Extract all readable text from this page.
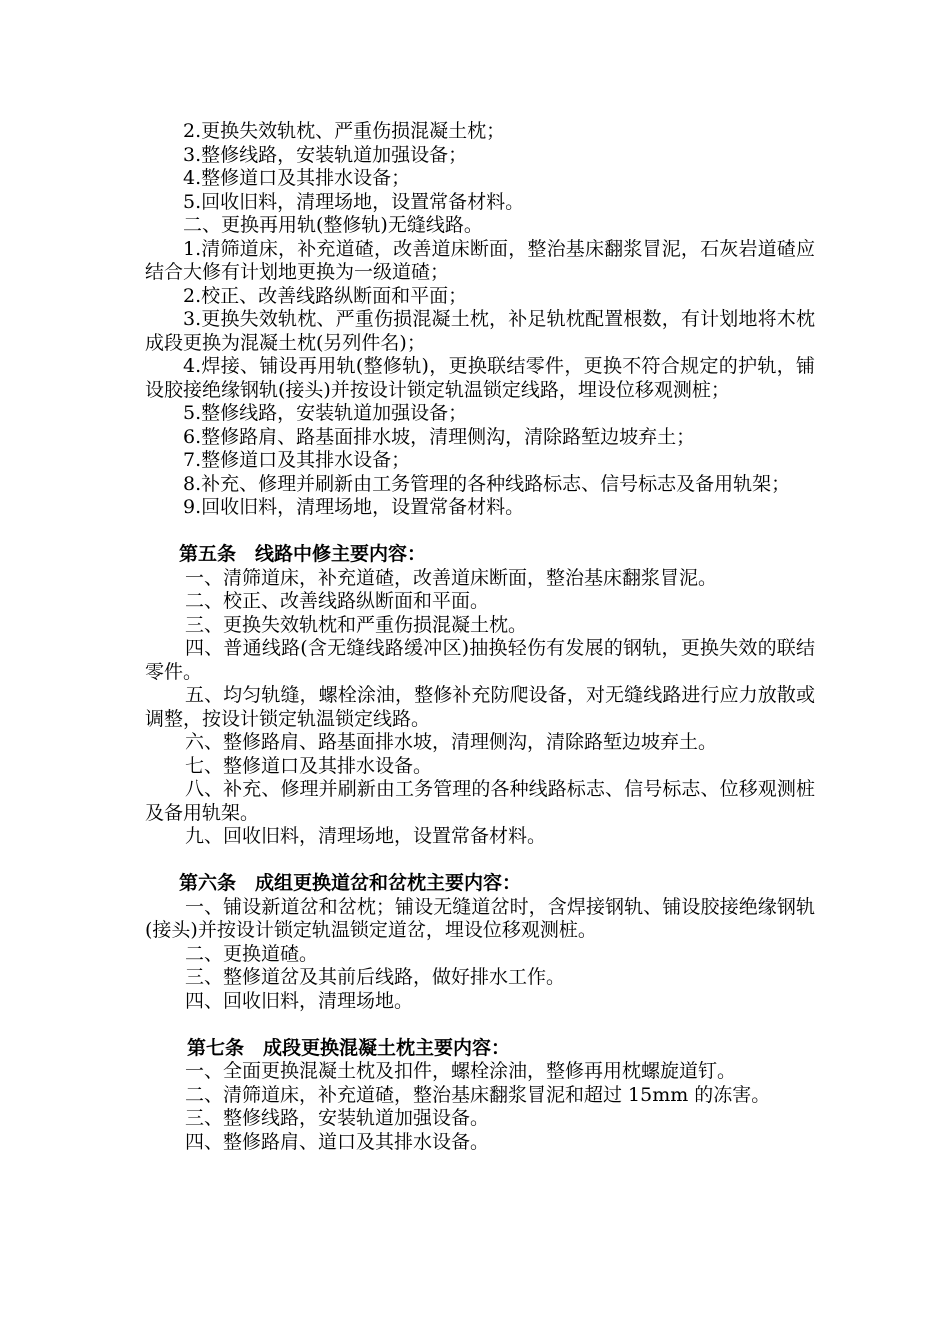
2.更换失效轨枕、严重伤损混凝土枕；

3.整修线路，安装轨道加强设备；

4.整修道口及其排水设备；

5.回收旧料，清理场地，设置常备材料。

二、更换再用轨(整修轨)无缝线路。

1.清筛道床，补充道碴，改善道床断面，整治基床翻浆冒泥，石灰岩道碴应结合大修有计划地更换为一级道碴；

2.校正、改善线路纵断面和平面；

3.更换失效轨枕、严重伤损混凝土枕，补足轨枕配置根数，有计划地将木枕成段更换为混凝土枕(另列件名)；

4.焊接、铺设再用轨(整修轨)，更换联结零件，更换不符合规定的护轨，铺设胶接绝缘钢轨(接头)并按设计锁定轨温锁定线路，埋设位移观测桩；

5.整修线路，安装轨道加强设备；

6.整修路肩、路基面排水坡，清理侧沟，清除路堑边坡弃土；

7.整修道口及其排水设备；

8.补充、修理并刷新由工务管理的各种线路标志、信号标志及备用轨架；

9.回收旧料，清理场地，设置常备材料。

第五条　线路中修主要内容：

一、清筛道床，补充道碴，改善道床断面，整治基床翻浆冒泥。

二、校正、改善线路纵断面和平面。

三、更换失效轨枕和严重伤损混凝土枕。

四、普通线路(含无缝线路缓冲区)抽换轻伤有发展的钢轨，更换失效的联结零件。

五、均匀轨缝，螺栓涂油，整修补充防爬设备，对无缝线路进行应力放散或调整，按设计锁定轨温锁定线路。

六、整修路肩、路基面排水坡，清理侧沟，清除路堑边坡弃土。

七、整修道口及其排水设备。

八、补充、修理并刷新由工务管理的各种线路标志、信号标志、位移观测桩及备用轨架。

九、回收旧料，清理场地，设置常备材料。

第六条　成组更换道岔和岔枕主要内容：

一、铺设新道岔和岔枕；铺设无缝道岔时，含焊接钢轨、铺设胶接绝缘钢轨(接头)并按设计锁定轨温锁定道岔，埋设位移观测桩。

二、更换道碴。

三、整修道岔及其前后线路，做好排水工作。

四、回收旧料，清理场地。

第七条　成段更换混凝土枕主要内容：

一、全面更换混凝土枕及扣件，螺栓涂油，整修再用枕螺旋道钉。

二、清筛道床，补充道碴，整治基床翻浆冒泥和超过 15mm 的冻害。

三、整修线路，安装轨道加强设备。

四、整修路肩、道口及其排水设备。
